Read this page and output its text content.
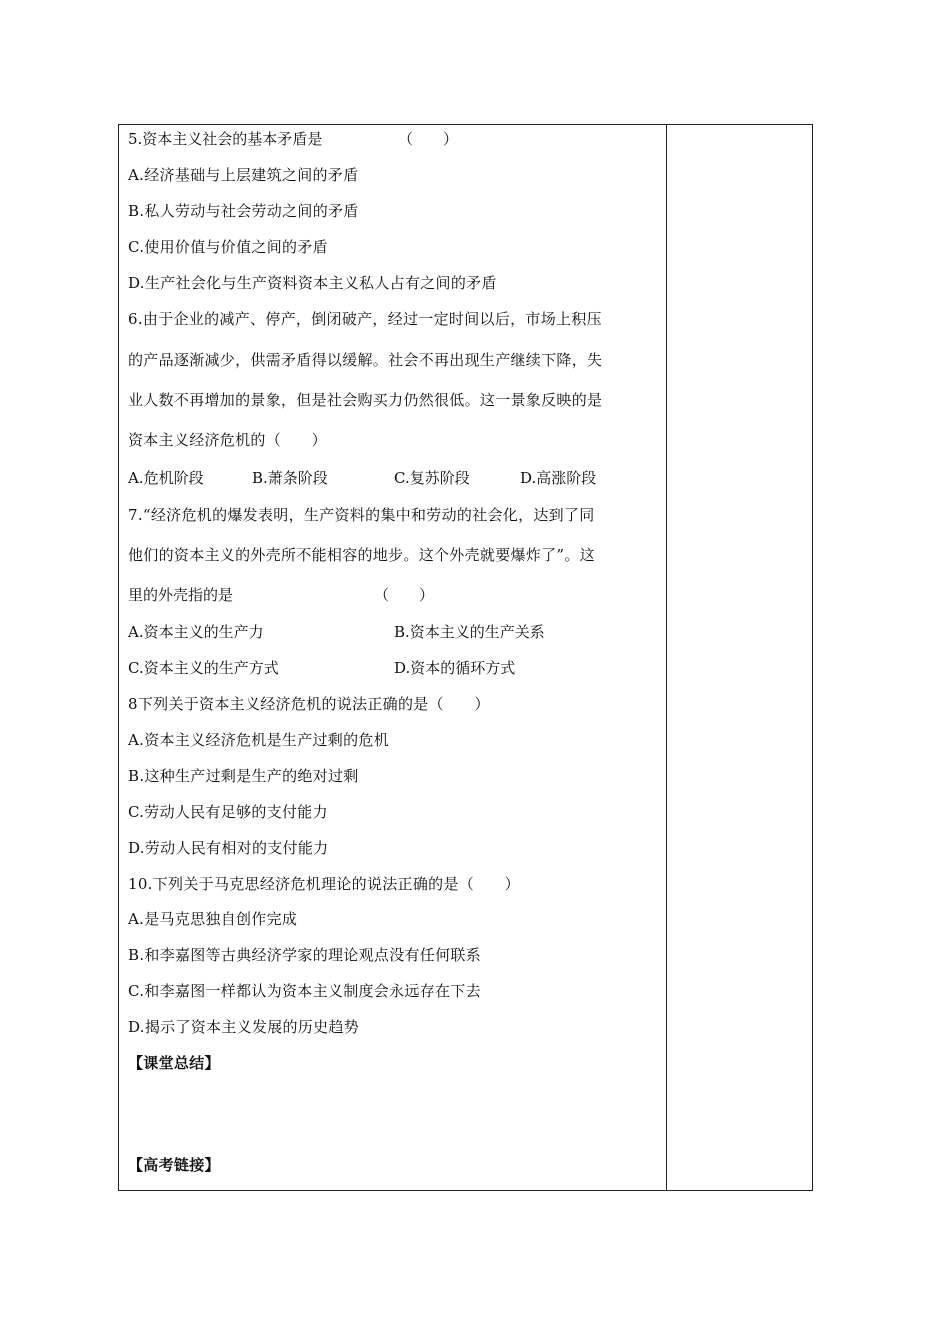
5.资本主义社会的基本矛盾是	（　　）
A.经济基础与上层建筑之间的矛盾
B.私人劳动与社会劳动之间的矛盾
C.使用价值与价值之间的矛盾
D.生产社会化与生产资料资本主义私人占有之间的矛盾
6.由于企业的减产、停产，倒闭破产，经过一定时间以后，市场上积压
的产品逐渐减少，供需矛盾得以缓解。社会不再出现生产继续下降，失
业人数不再增加的景象，但是社会购买力仍然很低。这一景象反映的是
资本主义经济危机的（　　）
A.危机阶段	B.萧条阶段	C.复苏阶段	D.高涨阶段
7.“经济危机的爆发表明，生产资料的集中和劳动的社会化，达到了同
他们的资本主义的外壳所不能相容的地步。这个外壳就要爆炸了”。这
里的外壳指的是	（　　）
A.资本主义的生产力	B.资本主义的生产关系
C.资本主义的生产方式	D.资本的循环方式
8下列关于资本主义经济危机的说法正确的是（　　）
A.资本主义经济危机是生产过剩的危机
B.这种生产过剩是生产的绝对过剩
C.劳动人民有足够的支付能力
D.劳动人民有相对的支付能力
10.下列关于马克思经济危机理论的说法正确的是（　　）
A.是马克思独自创作完成
B.和李嘉图等古典经济学家的理论观点没有任何联系
C.和李嘉图一样都认为资本主义制度会永远存在下去
D.揭示了资本主义发展的历史趋势
【课堂总结】
【高考链接】
